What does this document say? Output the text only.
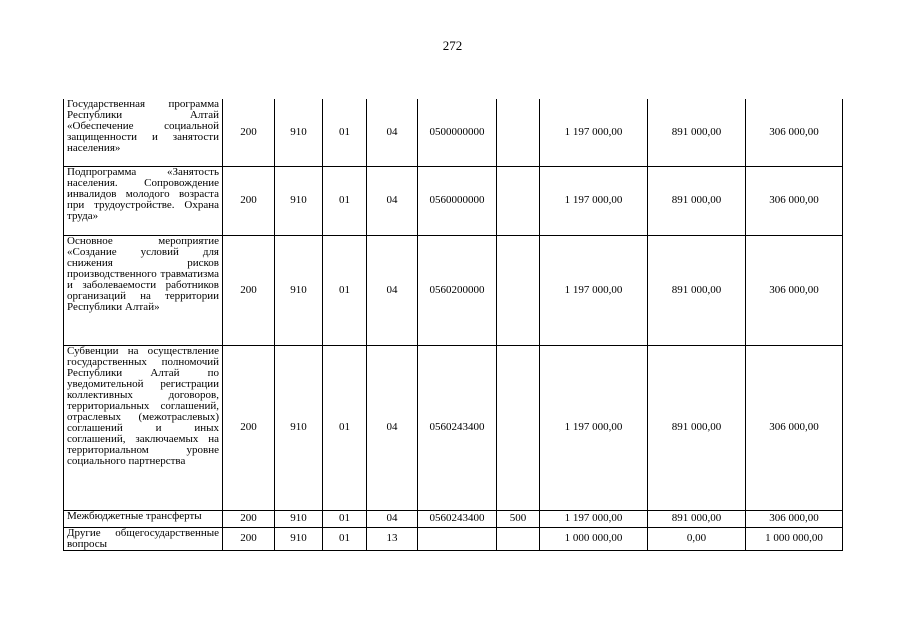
272
Государственная программа Республики Алтай «Обеспечение социальной защищенности и занятости населения»	200	910	01	04	0500000000		1 197 000,00	891 000,00	306 000,00

Подпрограмма «Занятость населения. Сопровождение инвалидов молодого возраста при трудоустройстве. Охрана труда»	200	910	01	04	0560000000		1 197 000,00	891 000,00	306 000,00

Основное мероприятие «Создание условий для снижения рисков производственного травматизма и заболеваемости работников организаций на территории Республики Алтай»	200	910	01	04	0560200000		1 197 000,00	891 000,00	306 000,00

Субвенции на осуществление государственных полномочий Республики Алтай по уведомительной регистрации коллективных договоров, территориальных соглашений, отраслевых (межотраслевых) соглашений и иных соглашений, заключаемых на территориальном уровне социального партнерства	200	910	01	04	0560243400		1 197 000,00	891 000,00	306 000,00

Межбюджетные трансферты	200	910	01	04	0560243400	500	1 197 000,00	891 000,00	306 000,00

Другие общегосударственные вопросы	200	910	01	13			1 000 000,00	0,00	1 000 000,00
